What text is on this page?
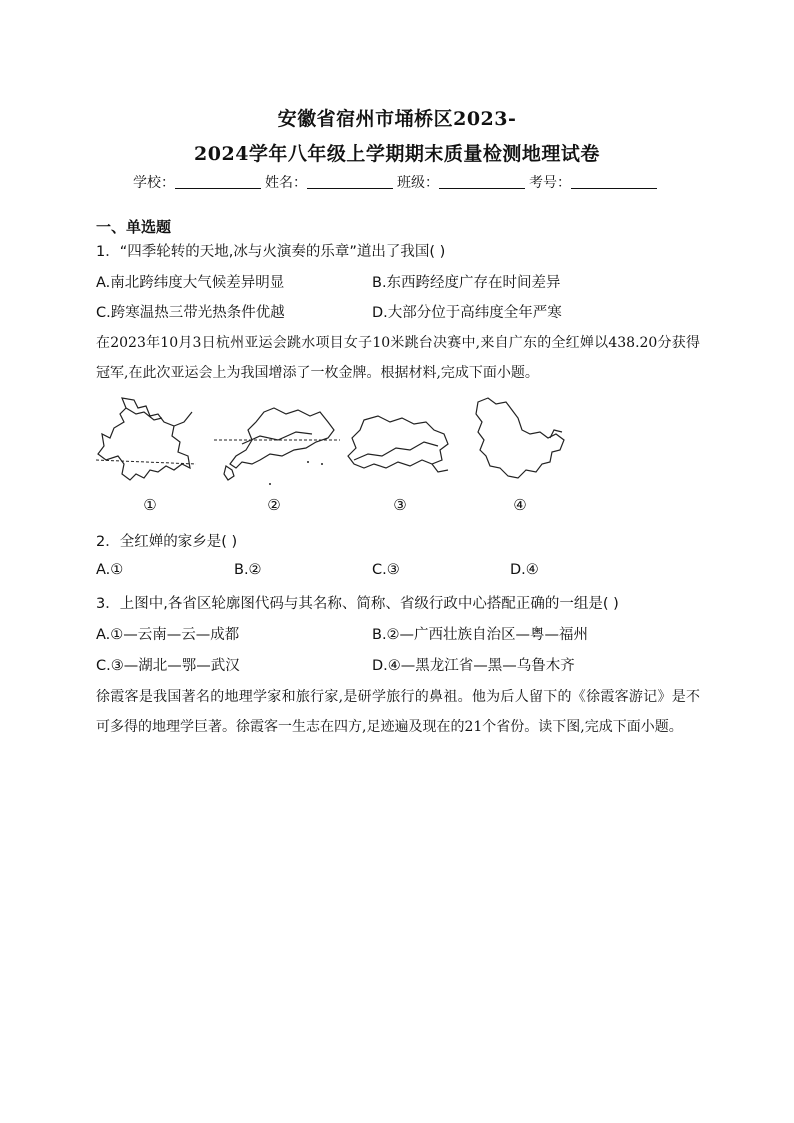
安徽省宿州市埇桥区2023-
2024学年八年级上学期期末质量检测地理试卷
学校：	姓名：	班级：	考号：
一、单选题
1．“四季轮转的天地,冰与火演奏的乐章”道出了我国( )
A.南北跨纬度大气候差异明显	B.东西跨经度广存在时间差异
C.跨寒温热三带光热条件优越	D.大部分位于高纬度全年严寒
在2023年10月3日杭州亚运会跳水项目女子10米跳台决赛中,来自广东的全红婵以438.20分获得冠军,在此次亚运会上为我国增添了一枚金牌。根据材料,完成下面小题。
①	②	③	④
2．全红婵的家乡是( )
A.①	B.②	C.③	D.④
3．上图中,各省区轮廓图代码与其名称、简称、省级行政中心搭配正确的一组是( )
A.①—云南—云—成都	B.②—广西壮族自治区—粤—福州
C.③—湖北—鄂—武汉	D.④—黑龙江省—黑—乌鲁木齐
徐霞客是我国著名的地理学家和旅行家,是研学旅行的鼻祖。他为后人留下的《徐霞客游记》是不可多得的地理学巨著。徐霞客一生志在四方,足迹遍及现在的21个省份。读下图,完成下面小题。
